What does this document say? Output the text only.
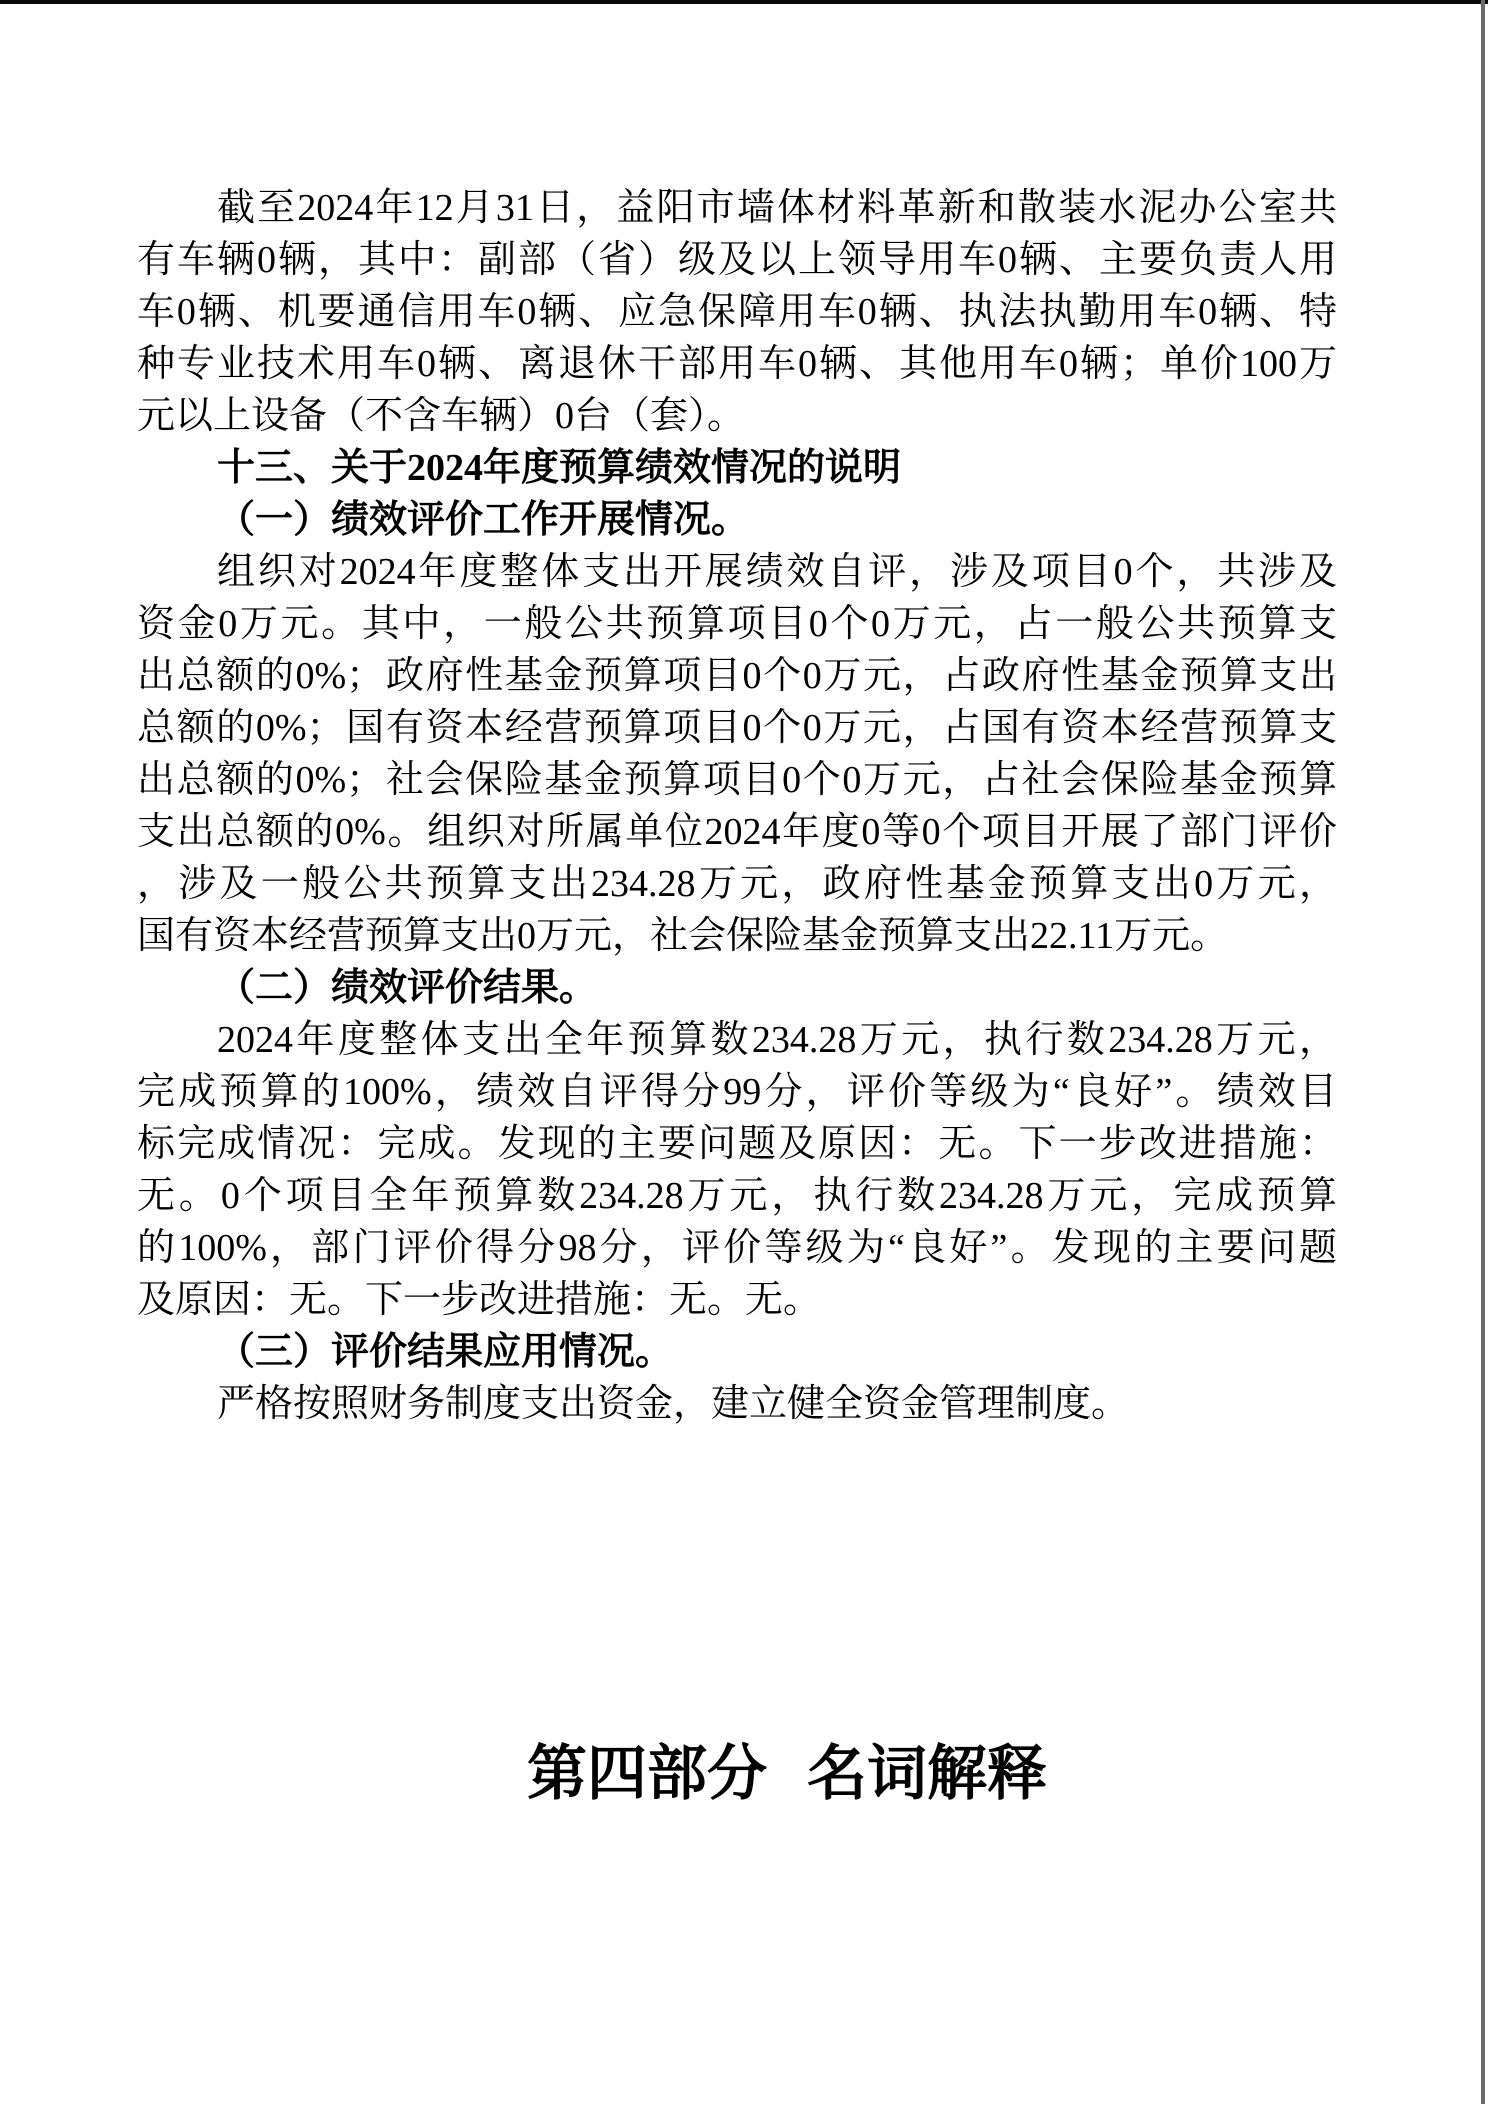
截至2024年12月31日，益阳市墙体材料革新和散装水泥办公室共
有车辆0辆，其中：副部（省）级及以上领导用车0辆、主要负责人用
车0辆、机要通信用车0辆、应急保障用车0辆、执法执勤用车0辆、特
种专业技术用车0辆、离退休干部用车0辆、其他用车0辆；单价100万
元以上设备（不含车辆）0台（套）。
十三、关于2024年度预算绩效情况的说明
（一）绩效评价工作开展情况。
组织对2024年度整体支出开展绩效自评，涉及项目0个，共涉及
资金0万元。其中，一般公共预算项目0个0万元，占一般公共预算支
出总额的0%；政府性基金预算项目0个0万元，占政府性基金预算支出
总额的0%；国有资本经营预算项目0个0万元，占国有资本经营预算支
出总额的0%；社会保险基金预算项目0个0万元，占社会保险基金预算
支出总额的0%。组织对所属单位2024年度0等0个项目开展了部门评价
，涉及一般公共预算支出234.28万元，政府性基金预算支出0万元，
国有资本经营预算支出0万元，社会保险基金预算支出22.11万元。
（二）绩效评价结果。
2024年度整体支出全年预算数234.28万元，执行数234.28万元，
完成预算的100%，绩效自评得分99分，评价等级为“良好”。绩效目
标完成情况：完成。发现的主要问题及原因：无。下一步改进措施：
无。0个项目全年预算数234.28万元，执行数234.28万元，完成预算
的100%，部门评价得分98分，评价等级为“良好”。发现的主要问题
及原因：无。下一步改进措施：无。无。
（三）评价结果应用情况。
严格按照财务制度支出资金，建立健全资金管理制度。
第四部分 名词解释
